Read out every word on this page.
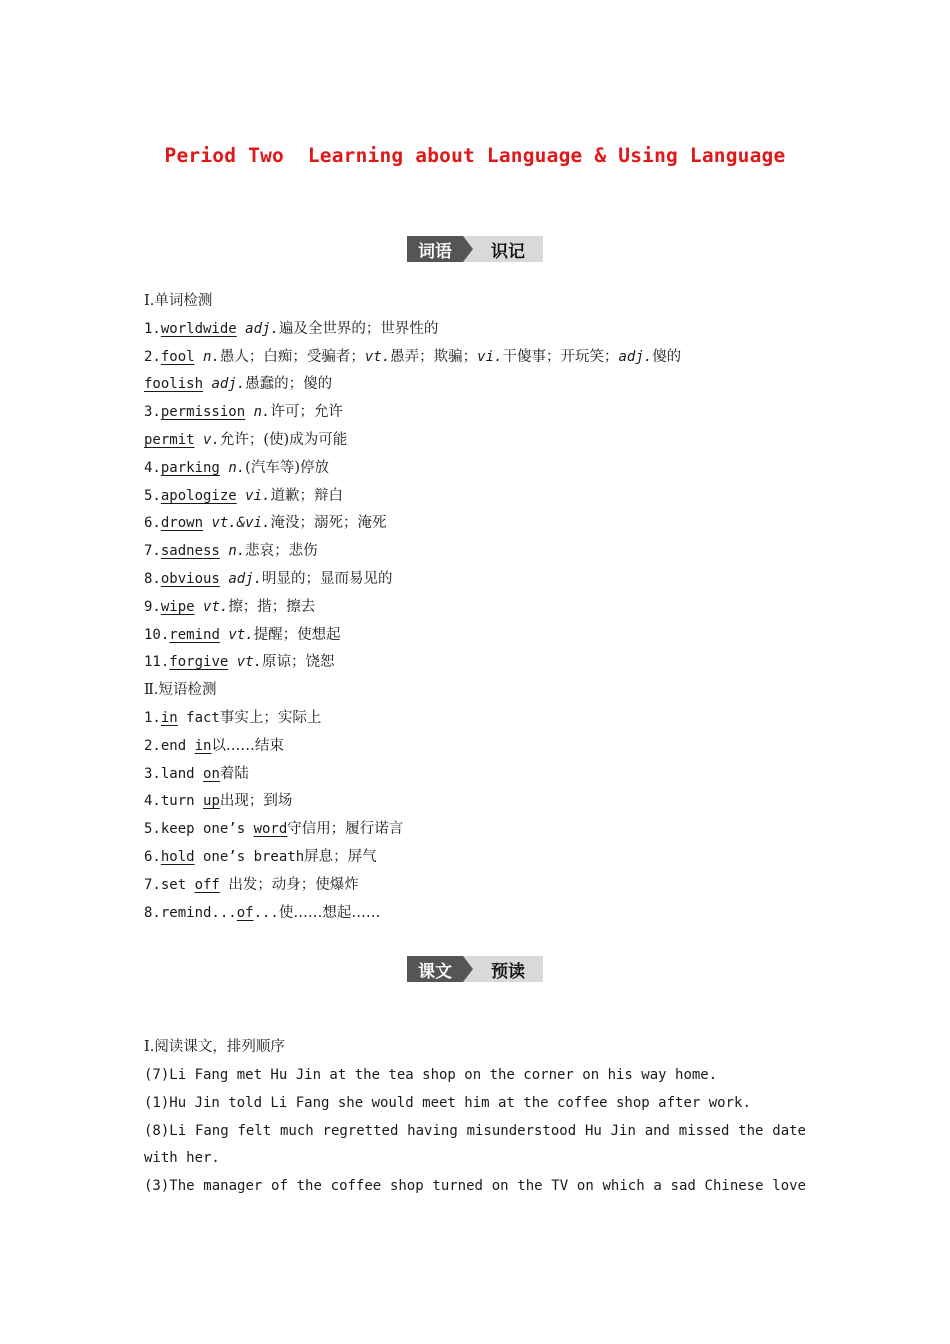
Period Two  Learning about Language & Using Language
词语	识记
Ⅰ.单词检测
1.worldwide adj.遍及全世界的；世界性的
2.fool n.愚人；白痴；受骗者；vt.愚弄；欺骗；vi.干傻事；开玩笑；adj.傻的
foolish adj.愚蠢的；傻的
3.permission n.许可；允许
permit v.允许；(使)成为可能
4.parking n.(汽车等)停放
5.apologize vi.道歉；辩白
6.drown vt.&vi.淹没；溺死；淹死
7.sadness n.悲哀；悲伤
8.obvious adj.明显的；显而易见的
9.wipe vt.擦；揩；擦去
10.remind vt.提醒；使想起
11.forgive vt.原谅；饶恕
Ⅱ.短语检测
1.in fact事实上；实际上
2.end in以……结束
3.land on着陆
4.turn up出现；到场
5.keep one’s word守信用；履行诺言
6.hold one’s breath屏息；屏气
7.set off 出发；动身；使爆炸
8.remind...of...使……想起……
课文	预读
Ⅰ.阅读课文，排列顺序
(7)Li Fang met Hu Jin at the tea shop on the corner on his way home.
(1)Hu Jin told Li Fang she would meet him at the coffee shop after work.
(8)Li Fang felt much regretted having misunderstood Hu Jin and missed the date
with her.
(3)The manager of the coffee shop turned on the TV on which a sad Chinese love
